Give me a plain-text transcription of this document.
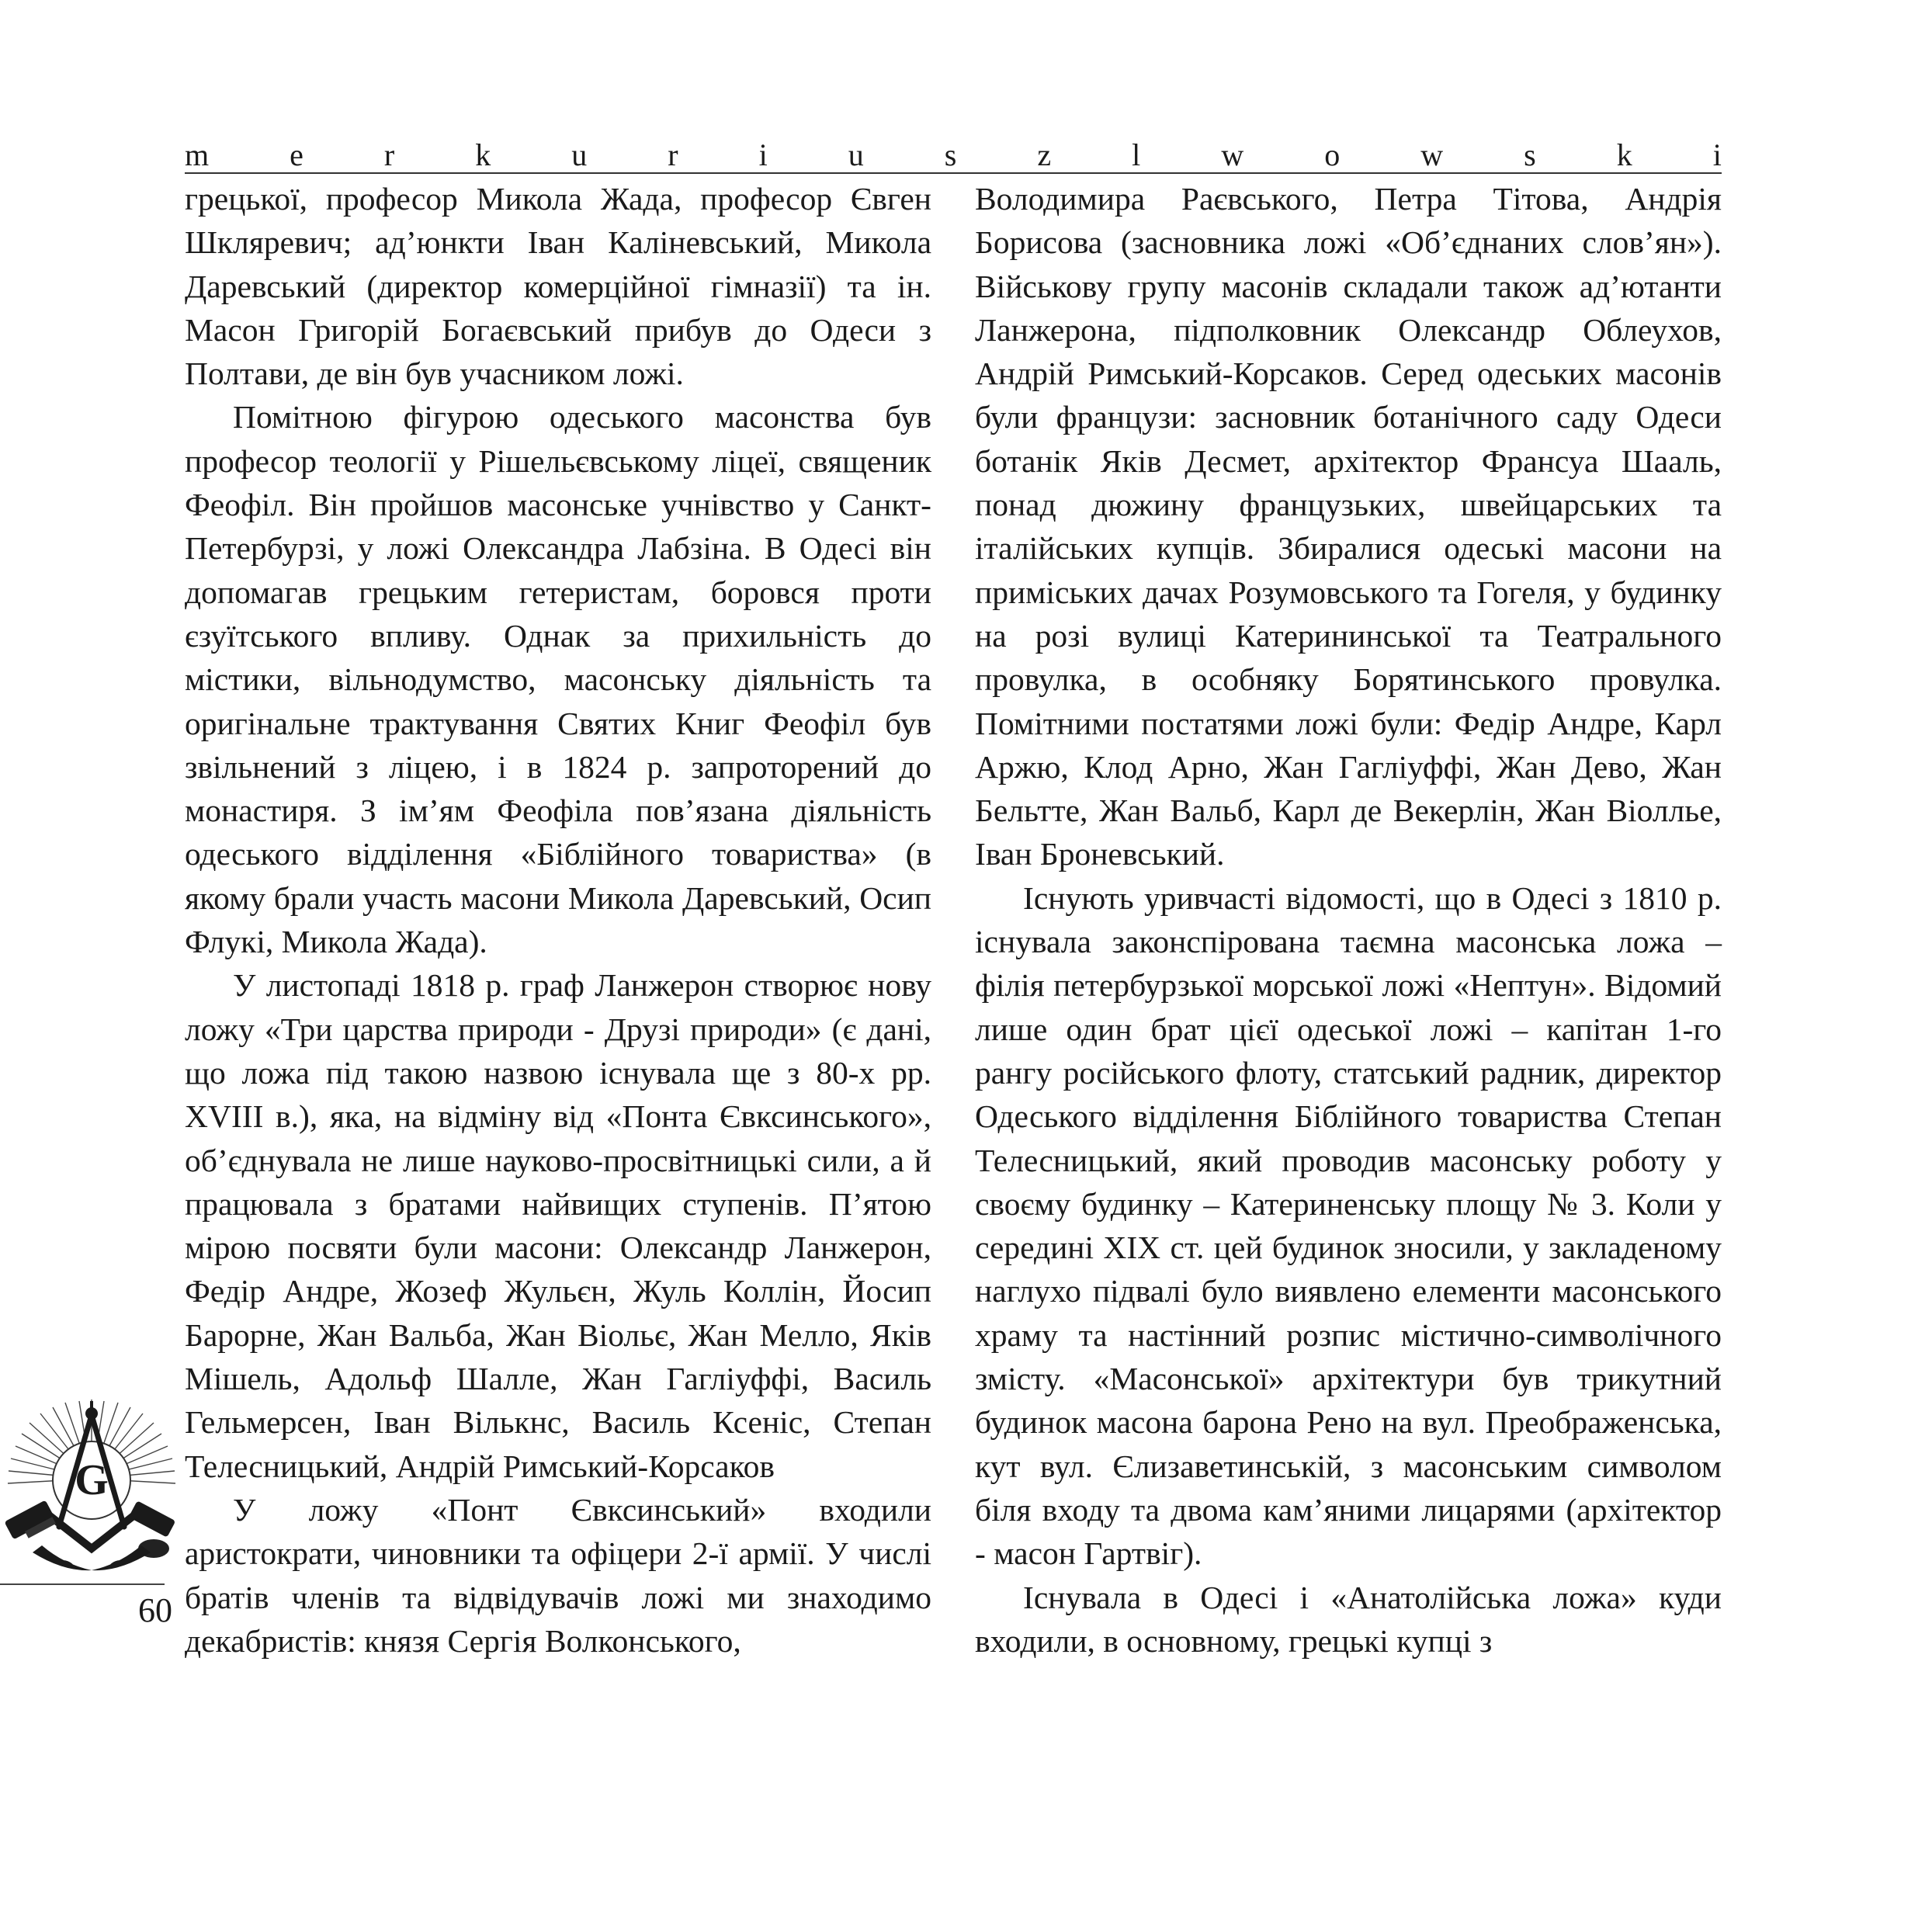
m	e	r	k	u	r	i	u	s	z	l	w	o	w	s	k	i

грецької, професор Микола Жада, професор Євген Шклярeвич; ад’юнкти Іван Каліневський, Микола Даревський (директор комерційної гімназії) та ін. Масон Григорій Богаєвський прибув до Одеси з Полтави, де він був учасником ложі.

Помітною фігурою одеського масонства був професор теології у Рішельєвському ліцеї, священик Феофіл. Він пройшов масонське учнівство у Санкт-Петербурзі, у ложі Олександра Лабзіна. В Одесі він допомагав грецьким гетеристам, боровся проти єзуїтського впливу. Однак за прихильність до містики, вільнодумство, масонську діяльність та оригінальне трактування Святих Книг Феофіл був звільнений з ліцею, і в 1824 р. запроторений до монастиря. З ім’ям Феофіла пов’язана діяльність одеського відділення «Біблійного товариства» (в якому брали участь масони Микола Даревський, Осип Флукі, Микола Жада).

У листопаді 1818 р. граф Ланжерон створює нову ложу «Три царства природи - Друзі природи» (є дані, що ложа під такою назвою існувала ще з 80-х рр. XVIII в.), яка, на відміну від «Понта Євксинського», об’єднувала не лише науково-просвітницькі сили, а й працювала з братами найвищих ступенів. П’ятою мірою посвяти були масони: Олександр Ланжерон, Федір Андре, Жозеф Жульєн, Жуль Коллін, Йосип Барорне, Жан Вальба, Жан Віольє, Жан Мелло, Яків Мішель, Адольф Шалле, Жан Гаглiуффі, Василь Гельмерсен, Іван Вількнс, Василь Ксеніс, Степан Телесницький, Андрій Римський-Корсаков

У ложу «Понт Євксинський» входили аристократи, чиновники та офіцери 2-ї армії. У числі братів членів та відвідувачів ложі ми знаходимо декабристів: князя Сергія Волконського,

Володимира Раєвського, Петра Тітова, Андрія Борисова (засновника ложі «Об’єднаних слов’ян»). Військову групу масонів складали також ад’ютанти Ланжерона, підполковник Олександр Облеухов, Андрій Римський-Корсаков. Серед одеських масонів були французи: засновник ботанічного саду Одеси ботанік Яків Десмет, архітектор Франсуа Шааль, понад дюжину французьких, швейцарських та італійських купців. Збиралися одеські масони на приміських дачах Розумовського та Гогеля, у будинку на розі вулиці Катерининської та Театрального провулка, в особняку Борятинського провулка. Помітними постатями ложі були: Федір Андре, Карл Аржю, Клод Арно, Жан Гаглiуффі, Жан Дево, Жан Бельтте, Жан Вальб, Карл де Векерлін, Жан Віоллье, Іван Броневський.

Існують уривчасті відомості, що в Одесі з 1810 р. існувала законспірована таємна масонська ложа – філія петербурзької морської ложі «Нептун». Відомий лише один брат цієї одеської ложі – капітан 1-го рангу російського флоту, статський радник, директор Одеського відділення Біблійного товариства Степан Телесницький, який проводив масонську роботу у своєму будинку – Катериненську площу № 3. Коли у середині XIX ст. цей будинок зносили, у закладеному наглухо підвалі було виявлено елементи масонського храму та настінний розпис містично-символічного змісту. «Масонської» архітектури був трикутний будинок масона барона Рено на вул. Преображенська, кут вул. Єлизаветинській, з масонським символом біля входу та двома кам’яними лицарями (архітектор - масон Гартвіг).

Існувала в Одесі і «Анатолійська ложа» куди входили, в основному, грецькі купці з

G
60
